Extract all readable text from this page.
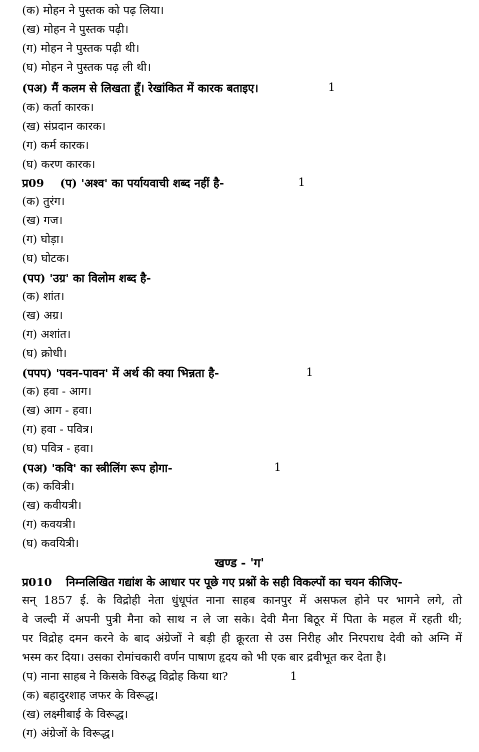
(क) मोहन ने पुस्तक को पढ़ लिया।
(ख) मोहन ने पुस्तक पढ़ी।
(ग) मोहन ने पुस्तक पढ़ी थी।
(घ) मोहन ने पुस्तक पढ़ ली थी।
(पअ) मैं कलम से लिखता हूँ। रेखांकित में कारक बताइए।	1
(क) कर्ता कारक।
(ख) संप्रदान कारक।
(ग) कर्म कारक।
(घ) करण कारक।
प्र09 (प) 'अश्व' का पर्यायवाची शब्द नहीं है-	1
(क) तुरंग।
(ख) गज।
(ग) घोड़ा।
(घ) घोटक।
(पप) 'उग्र' का विलोम शब्द है-
(क) शांत।
(ख) अग्र।
(ग) अशांत।
(घ) क्रोधी।
(पपप) 'पवन-पावन' में अर्थ की क्या भिन्नता है-	1
(क) हवा - आग।
(ख) आग - हवा।
(ग) हवा - पवित्र।
(घ) पवित्र - हवा।
(पअ) 'कवि' का स्त्रीलिंग रूप होगा-	1
(क) कवित्री।
(ख) कवीयत्री।
(ग) कवयत्री।
(घ) कवयित्री।
खण्ड - 'ग'
प्र010 निम्नलिखित गद्यांश के आधार पर पूछे गए प्रश्नों के सही विकल्पों का चयन कीजिए-
सन् 1857 ई. के विद्रोही नेता धुंधूपंत नाना साहब कानपुर में असफल होने पर भागने लगे, तो
वे जल्दी में अपनी पुत्री मैना को साथ न ले जा सके। देवी मैना बिठूर में पिता के महल में रहती थी;
पर विद्रोह दमन करने के बाद अंग्रेजों ने बड़ी ही क्रूरता से उस निरीह और निरपराध देवी को अग्नि में
भस्म कर दिया। उसका रोमांचकारी वर्णन पाषाण हृदय को भी एक बार द्रवीभूत कर देता है।
(प) नाना साहब ने किसके विरुद्ध विद्रोह किया था?	1
(क) बहादुरशाह जफर के विरूद्ध।
(ख) लक्ष्मीबाई के विरूद्ध।
(ग) अंग्रेजों के विरूद्ध।
